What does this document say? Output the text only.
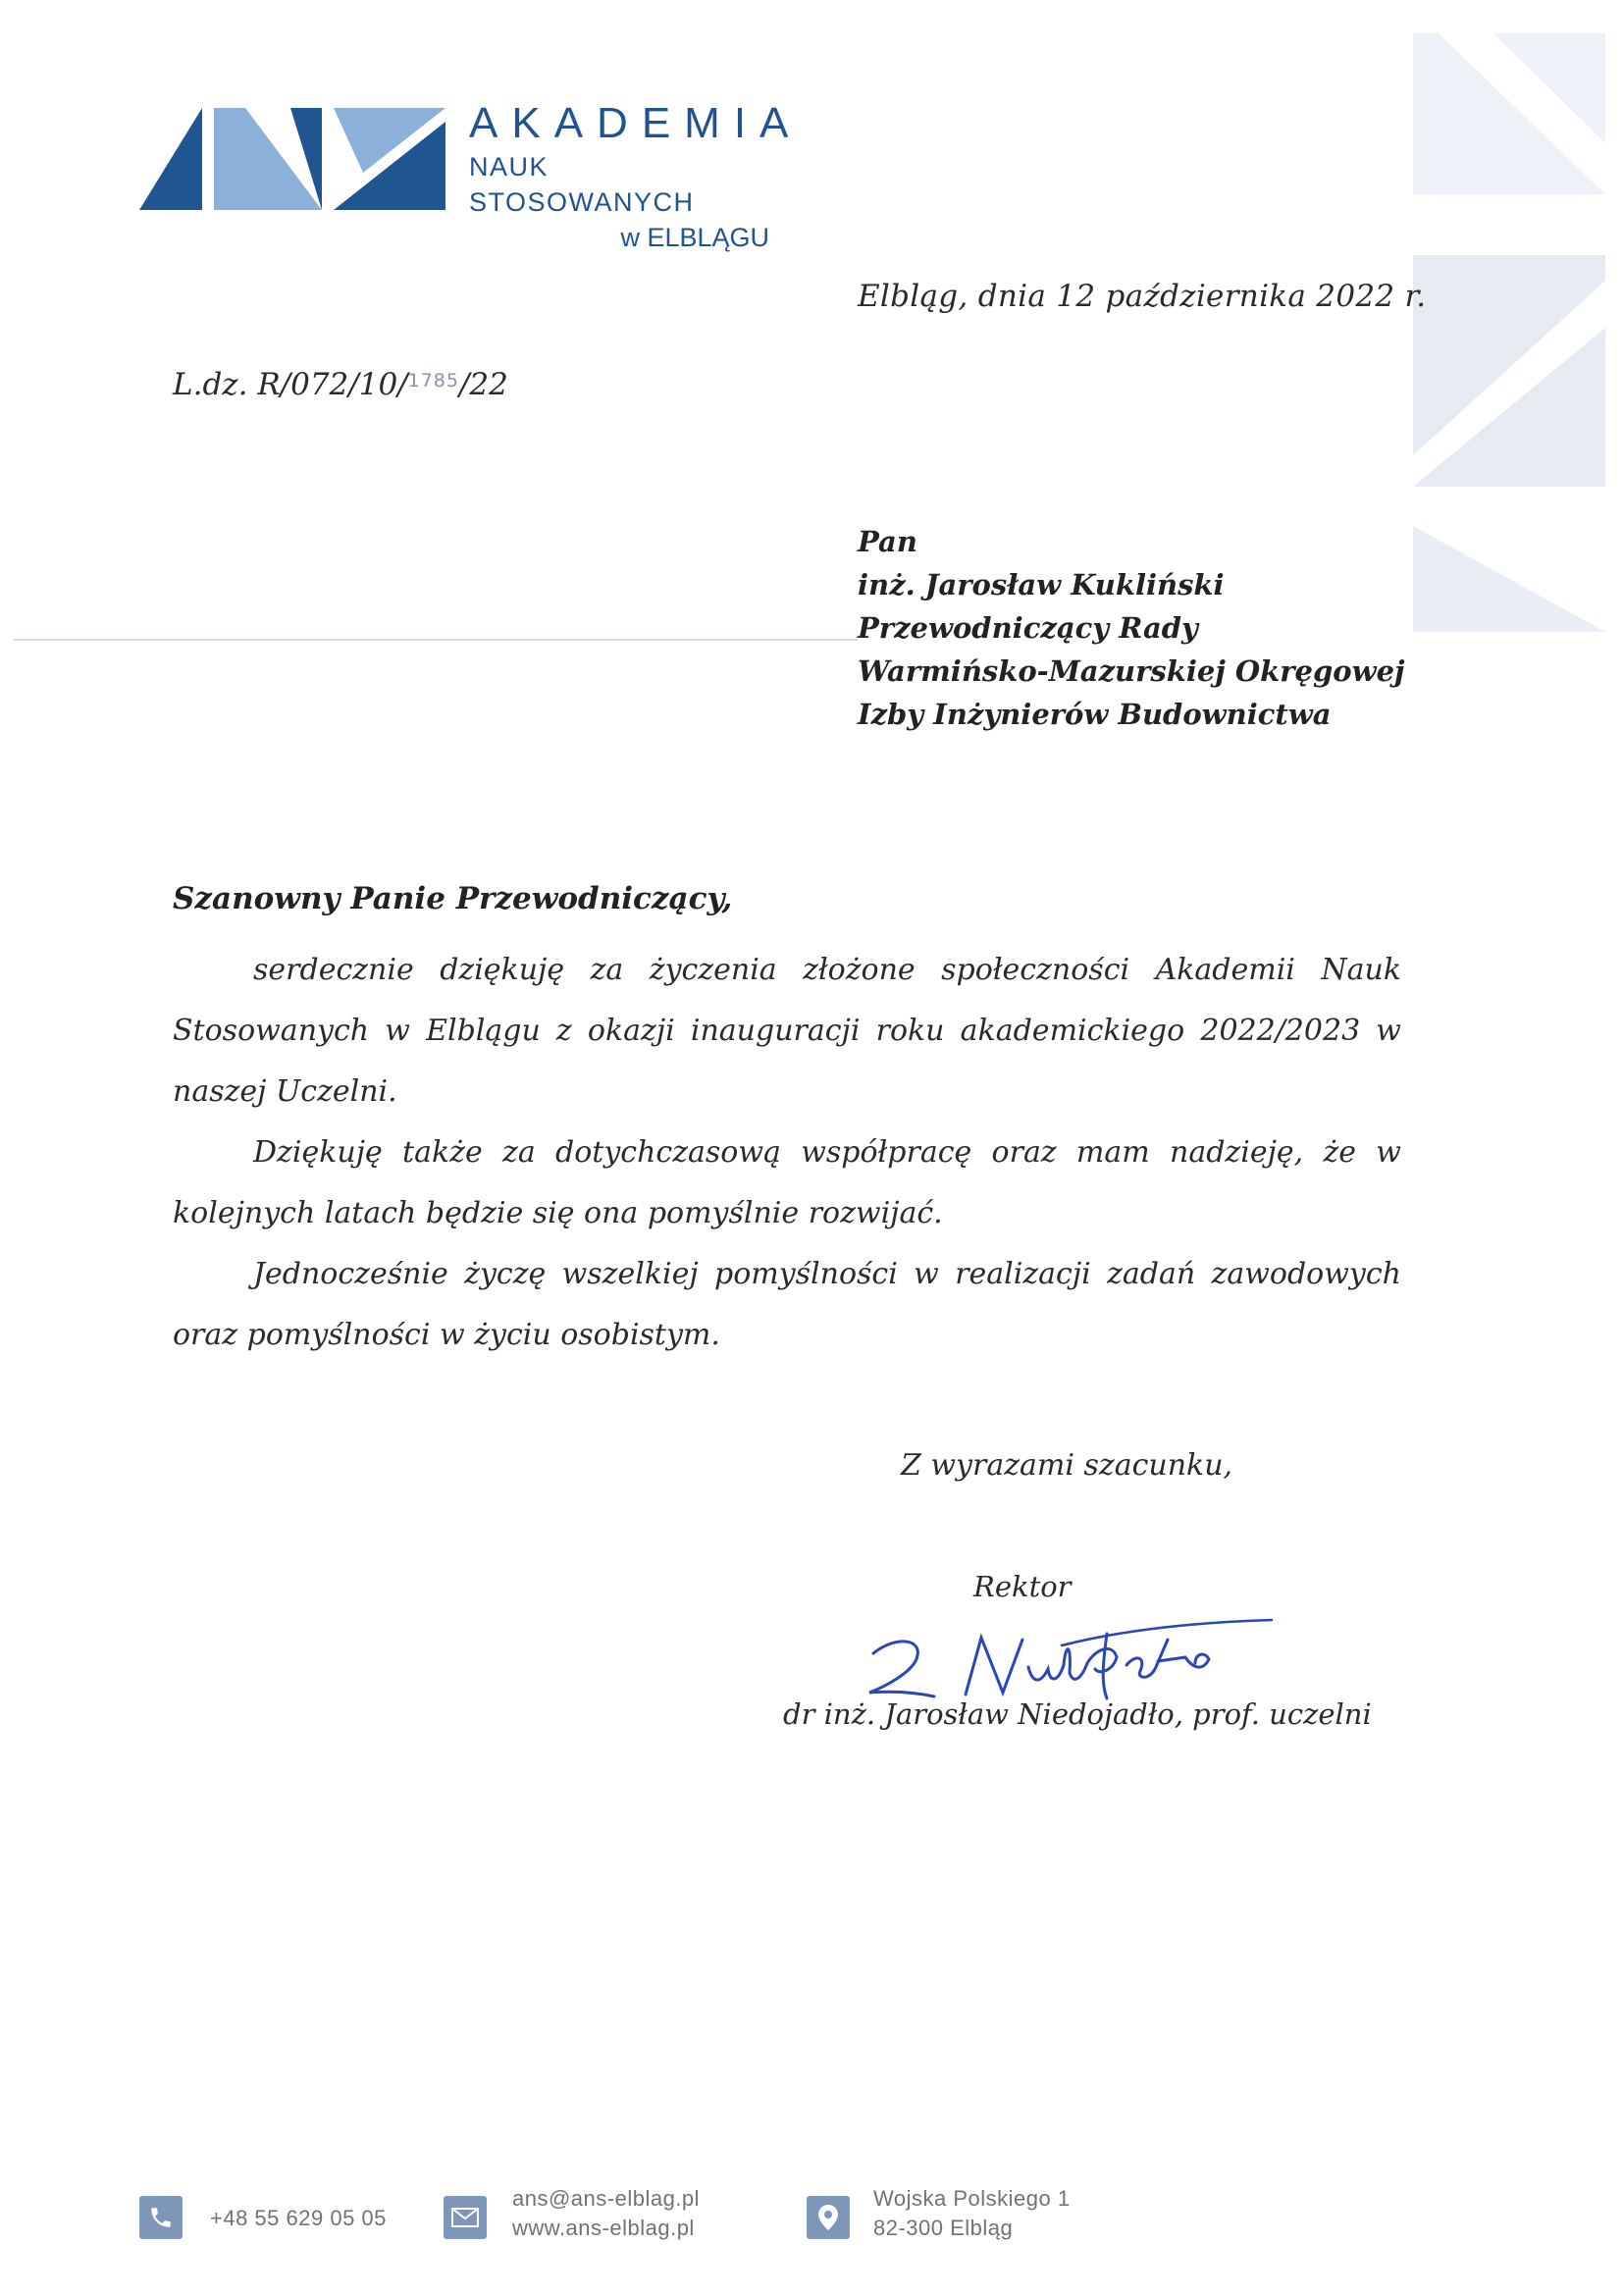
AKADEMIA
NAUK STOSOWANYCH
w ELBLĄGU
Elbląg, dnia 12 października 2022 r.
L.dz. R/072/10/$^{1785}$/22
Pan
inż. Jarosław Kukliński
Przewodniczący Rady
Warmińsko-Mazurskiej Okręgowej
Izby Inżynierów Budownictwa
Szanowny Panie Przewodniczący,

serdecznie dziękuję za życzenia złożone społeczności Akademii Nauk Stosowanych w Elblągu z okazji inauguracji roku akademickiego 2022/2023 w naszej Uczelni.

Dziękuję także za dotychczasową współpracę oraz mam nadzieję, że w kolejnych latach będzie się ona pomyślnie rozwijać.

Jednocześnie życzę wszelkiej pomyślności w realizacji zadań zawodowych oraz pomyślności w życiu osobistym.

Z wyrazami szacunku,
Rektor
dr inż. Jarosław Niedojadło, prof. uczelni
+48 55 629 05 05
ans@ans-elblag.pl
www.ans-elblag.pl
Wojska Polskiego 1
82-300 Elbląg
